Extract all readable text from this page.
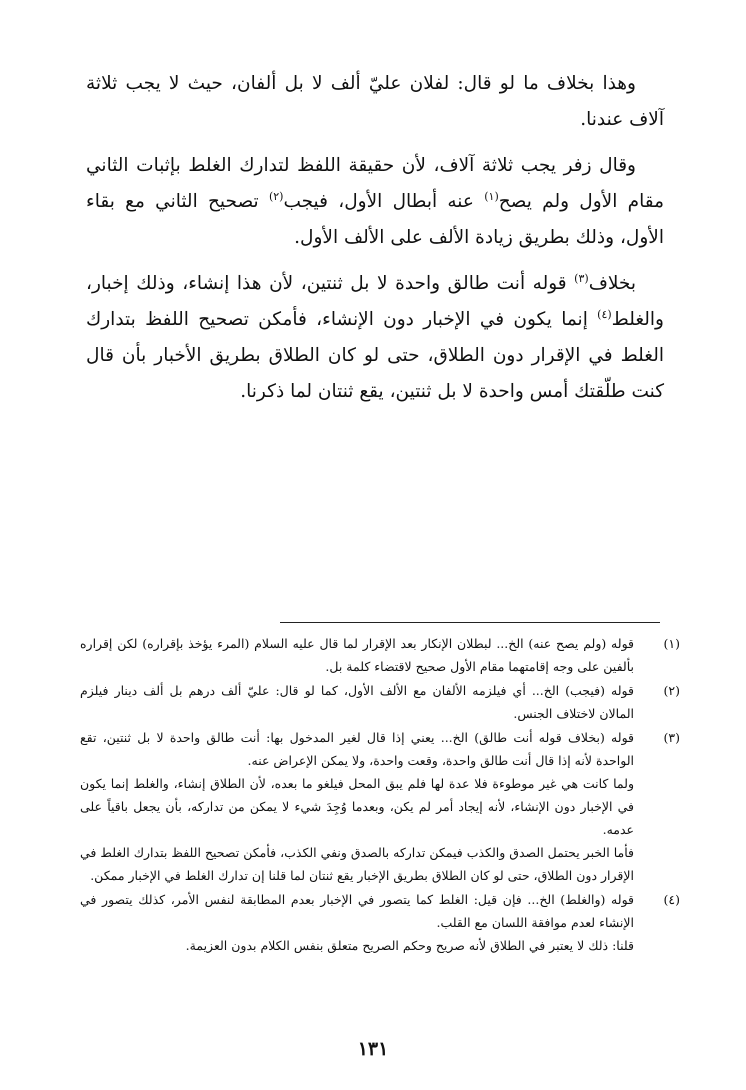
وهذا بخلاف ما لو قال: لفلان عليّ ألف لا بل ألفان، حيث لا يجب ثلاثة آلاف عندنا.

وقال زفر يجب ثلاثة آلاف، لأن حقيقة اللفظ لتدارك الغلط بإثبات الثاني مقام الأول ولم يصح$^{(١)}$ عنه أبطال الأول، فيجب$^{(٢)}$ تصحيح الثاني مع بقاء الأول، وذلك بطريق زيادة الألف على الألف الأول.

بخلاف$^{(٣)}$ قوله أنت طالق واحدة لا بل ثنتين، لأن هذا إنشاء، وذلك إخبار، والغلط$^{(٤)}$ إنما يكون في الإخبار دون الإنشاء، فأمكن تصحيح اللفظ بتدارك الغلط في الإقرار دون الطلاق، حتى لو كان الطلاق بطريق الأخبار بأن قال كنت طلّقتك أمس واحدة لا بل ثنتين، يقع ثنتان لما ذكرنا.

(١)
قوله (ولم يصح عنه) الخ... لبطلان الإنكار بعد الإقرار لما قال عليه السلام (المرء يؤخذ بإقراره) لكن إقراره بألفين على وجه إقامتهما مقام الأول صحيح لاقتضاء كلمة بل.
(٢)
قوله (فيجب) الخ... أي فيلزمه الألفان مع الألف الأول، كما لو قال: عليّ ألف درهم بل ألف دينار فيلزم المالان لاختلاف الجنس.
(٣)
قوله (بخلاف قوله أنت طالق) الخ... يعني إذا قال لغير المدخول بها: أنت طالق واحدة لا بل ثنتين، تقع الواحدة لأنه إذا قال أنت طالق واحدة، وقعت واحدة، ولا يمكن الإعراض عنه.
ولما كانت هي غير موطوءة فلا عدة لها فلم يبق المحل فيلغو ما بعده، لأن الطلاق إنشاء، والغلط إنما يكون في الإخبار دون الإنشاء، لأنه إيجاد أمر لم يكن، وبعدما وُجِدَ شيء لا يمكن من تداركه، بأن يجعل باقياً على عدمه.
فأما الخبر يحتمل الصدق والكذب فيمكن تداركه بالصدق ونفي الكذب، فأمكن تصحيح اللفظ بتدارك الغلط في الإقرار دون الطلاق، حتى لو كان الطلاق بطريق الإخبار يقع ثنتان لما قلنا إن تدارك الغلط في الإخبار ممكن.
(٤)
قوله (والغلط) الخ... فإن قيل: الغلط كما يتصور في الإخبار بعدم المطابقة لنفس الأمر، كذلك يتصور في الإنشاء لعدم موافقة اللسان مع القلب.
قلنا: ذلك لا يعتبر في الطلاق لأنه صريح وحكم الصريح متعلق بنفس الكلام بدون العزيمة.
١٣١
